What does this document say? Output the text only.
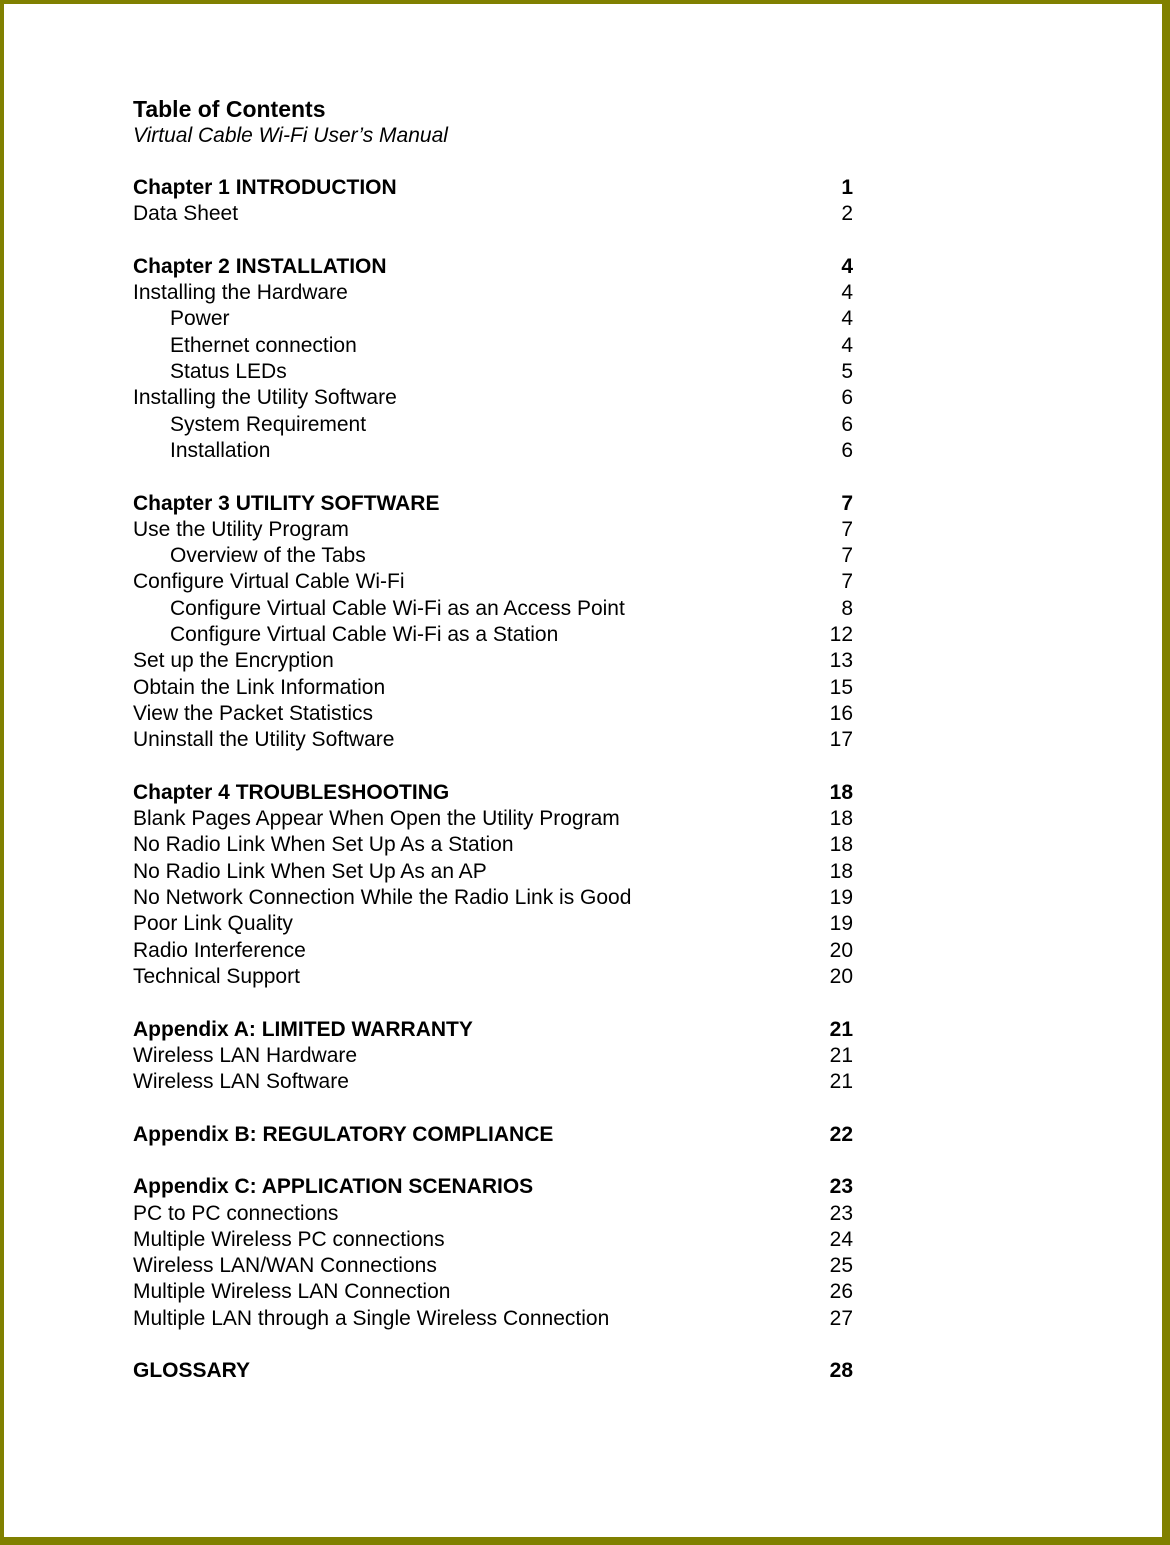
Table of Contents
Virtual Cable Wi-Fi User’s Manual
Chapter 1 INTRODUCTION	1
Data Sheet	2
Chapter 2 INSTALLATION	4
Installing the Hardware	4
Power	4
Ethernet connection	4
Status LEDs	5
Installing the Utility Software	6
System Requirement	6
Installation	6
Chapter 3 UTILITY SOFTWARE	7
Use the Utility Program	7
Overview of the Tabs	7
Configure Virtual Cable Wi-Fi	7
Configure Virtual Cable Wi-Fi as an Access Point	8
Configure Virtual Cable Wi-Fi as a Station	12
Set up the Encryption	13
Obtain the Link Information	15
View the Packet Statistics	16
Uninstall the Utility Software	17
Chapter 4 TROUBLESHOOTING	18
Blank Pages Appear When Open the Utility Program	18
No Radio Link When Set Up As a Station	18
No Radio Link When Set Up As an AP	18
No Network Connection While the Radio Link is Good	19
Poor Link Quality	19
Radio Interference	20
Technical Support	20
Appendix A: LIMITED WARRANTY	21
Wireless LAN Hardware	21
Wireless LAN Software	21
Appendix B: REGULATORY COMPLIANCE	22
Appendix C: APPLICATION SCENARIOS	23
PC to PC connections	23
Multiple Wireless PC connections	24
Wireless LAN/WAN Connections	25
Multiple Wireless LAN Connection	26
Multiple LAN through a Single Wireless Connection	27
GLOSSARY	28
